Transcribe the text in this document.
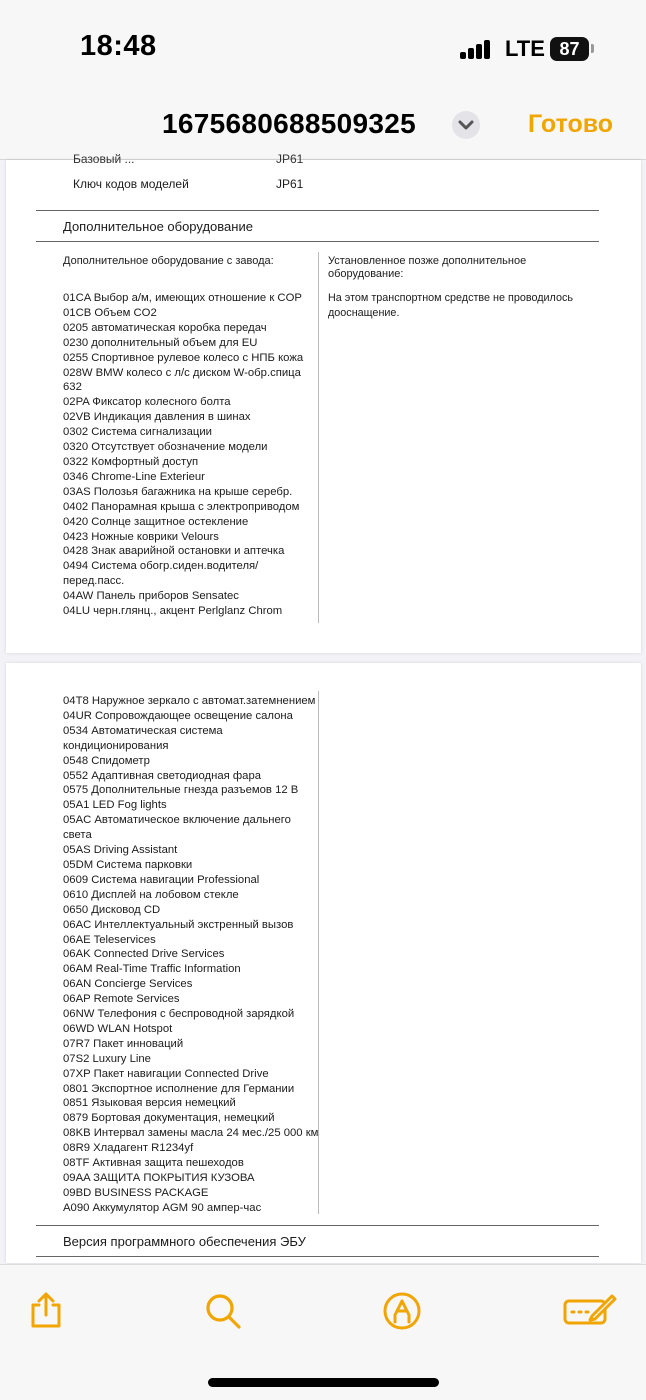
18:48	LTE 87
1675680688509325	Готово
Базовый ...	JP61
Ключ кодов моделей	JP61
Дополнительное оборудование
Дополнительное оборудование с завода:	Установленное позже дополнительное
оборудование:
01CA Выбор а/м, имеющих отношение к COP
01CB Объем CO2
0205 автоматическая коробка передач
0230 дополнительный объем для EU
0255 Спортивное рулевое колесо с НПБ кожа
028W BMW колесо с л/с диском W-обр.спица
632
02PA Фиксатор колесного болта
02VB Индикация давления в шинах
0302 Система сигнализации
0320 Отсутствует обозначение модели
0322 Комфортный доступ
0346 Chrome-Line Exterieur
03AS Полозья багажника на крыше серебр.
0402 Панорамная крыша с электроприводом
0420 Солнце защитное остекление
0423 Ножные коврики Velours
0428 Знак аварийной остановки и аптечка
0494 Система обогр.сиден.водителя/
перед.пасс.
04AW Панель приборов Sensatec
04LU черн.глянц., акцент Perlglanz Chrom
На этом транспортном средстве не проводилось
дооснащение.
04T8 Наружное зеркало с автомат.затемнением
04UR Сопровождающее освещение салона
0534 Автоматическая система
кондиционирования
0548 Спидометр
0552 Адаптивная светодиодная фара
0575 Дополнительные гнезда разъемов 12 В
05A1 LED Fog lights
05AC Автоматическое включение дальнего
света
05AS Driving Assistant
05DM Система парковки
0609 Система навигации Professional
0610 Дисплей на лобовом стекле
0650 Дисковод CD
06AC Интеллектуальный экстренный вызов
06AE Teleservices
06AK Connected Drive Services
06AM Real-Time Traffic Information
06AN Concierge Services
06AP Remote Services
06NW Телефония с беспроводной зарядкой
06WD WLAN Hotspot
07R7 Пакет инноваций
07S2 Luxury Line
07XP Пакет навигации Connected Drive
0801 Экспортное исполнение для Германии
0851 Языковая версия немецкий
0879 Бортовая документация, немецкий
08KB Интервал замены масла 24 мес./25 000 км
08R9 Хладагент R1234yf
08TF Активная защита пешеходов
09AA ЗАЩИТА ПОКРЫТИЯ КУЗОВА
09BD BUSINESS PACKAGE
A090 Аккумулятор AGM 90 ампер-час
Версия программного обеспечения ЭБУ
